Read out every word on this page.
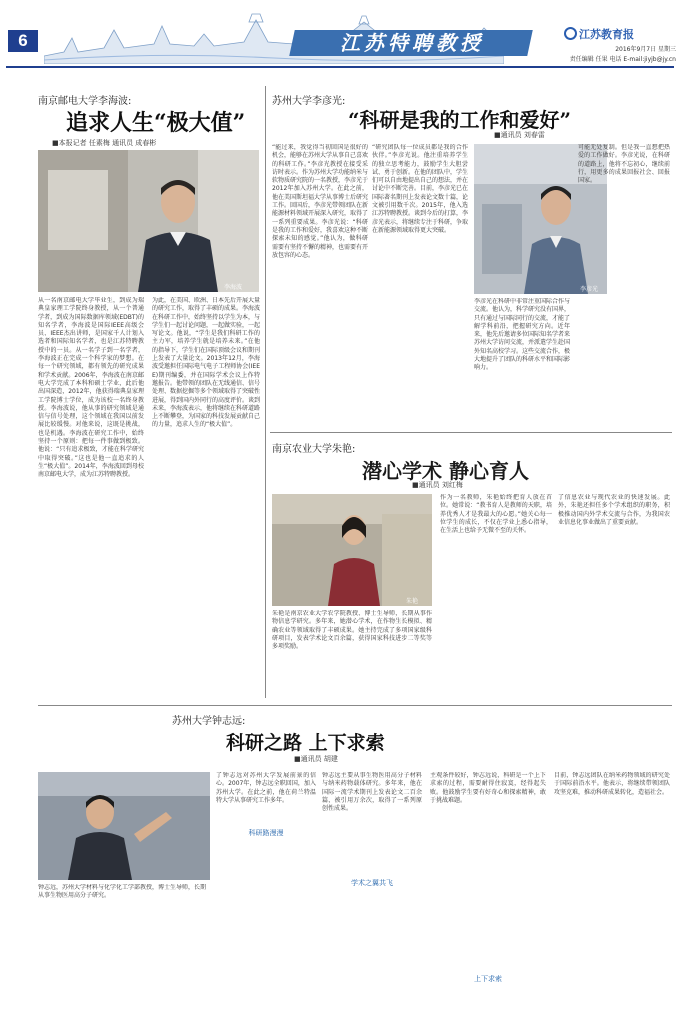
6	江苏特聘教授	江苏教育报
2016年9月7日 星期三
责任编辑 任果 电话 E-mail:jiyjb@jy.cn
南京邮电大学李海波:
追求人生“极大值”
■本报记者 任素梅 通讯员 成春彬
李海波
从一名南京邮电大学毕业生，到成为瑞典皇家理工学院终身教授，从一个普通学者，到成为国际数据库领域(EDBT)的知名学者，李海波是国际IEEE高级会员、IEEE杰出讲师，是国家千人计划入选者和国际知名学者，也是江苏特聘教授中的一员。从一名学子到一名学者，李海波正在完成一个科学家的梦想。在每一个研究领域，都有领先的研究成果和学术贡献。2006年，李海波在南京邮电大学完成了本科和硕士学业，此后他出国深造，2012年，他获得瑞典皇家理工学院博士学位，成为该校一名终身教授。李海波说，他从事的研究领域是通信与信号处理，这个领域在我国以前发展比较缓慢。对他来说，这既是挑战，也是机遇。李海波在研究工作中，始终坚持一个原则：把每一件事做到极致。他说：“只有追求极致，才能在科学研究中取得突破。”这也是他一直追求的人生“极大值”。2014年，李海波回到母校南京邮电大学，成为江苏特聘教授。
为此，在美国、欧洲、日本先后开展大量的研究工作，取得了丰硕的成果。李海波在科研工作中，始终坚持以学生为本，与学生们一起讨论问题，一起做实验，一起写论文。他说，“学生是我们科研工作的主力军，培养学生就是培养未来。”在他的指导下，学生们在国际顶级会议和期刊上发表了大量论文。2013年12月，李海波受邀担任国际电气电子工程师协会(IEEE)期刊编委，并在国际学术会议上作特邀报告。他带领的团队在无线通信、信号处理、数据挖掘等多个领域取得了突破性进展，得到国内外同行的高度评价。谈到未来，李海波表示，他将继续在科研道路上不断攀登，为国家的科技发展贡献自己的力量，追求人生的“极大值”。
苏州大学李彦光:
“科研是我的工作和爱好”
■通讯员 刘春雷
“能过来，我觉得当初回国是很好的机会，能够在苏州大学从事自己喜欢的科研工作。”李彦光教授在接受采访时表示。作为苏州大学功能纳米与软物质研究院的一名教授，李彦光于2012年加入苏州大学。在此之前，他在美国斯坦福大学从事博士后研究工作。回国后，李彦光带领团队在新能源材料领域开展深入研究，取得了一系列重要成果。李彦光说：“科研是我的工作和爱好，我喜欢这种不断探索未知的感觉。”他认为，做科研需要有坚持不懈的精神，也需要有开放包容的心态。
“研究团队每一位成员都是我的合作伙伴。”李彦光说。他注重培养学生的独立思考能力，鼓励学生大胆尝试、勇于创新。在他的团队中，学生们可以自由地提出自己的想法，并在讨论中不断完善。目前，李彦光已在国际著名期刊上发表论文数十篇，论文被引用数千次。2015年，他入选江苏特聘教授。谈到今后的打算，李彦光表示，将继续专注于科研，争取在新能源领域取得更大突破。
李彦光
李彦光在科研中非常注重国际合作与交流。他认为，科学研究没有国界，只有通过与国际同行的交流，才能了解学科前沿，把握研究方向。近年来，他先后邀请多位国际知名学者来苏州大学访问交流，并派遣学生赴国外知名高校学习。这些交流合作，极大地提升了团队的科研水平和国际影响力。
可能无处复制。但是我一直想把热爱的工作做好。李彦光说，在科研的道路上，他将不忘初心，继续前行，用更多的成果回报社会、回报国家。
南京农业大学朱艳:
潜心学术 静心育人
■通讯员 刘红梅
朱艳
朱艳是南京农业大学农学院教授、博士生导师，长期从事作物信息学研究。多年来，她潜心学术，在作物生长模拟、精确农业等领域取得了丰硕成果。她主持完成了多项国家级科研项目，发表学术论文百余篇，获得国家科技进步二等奖等多项奖励。
作为一名教师，朱艳始终把育人放在首位。她常说：“教书育人是教师的天职，培养优秀人才是我最大的心愿。”她关心每一位学生的成长，不仅在学业上悉心指导，在生活上也给予无微不至的关怀。
了信息农业与现代农业的快速发展。此外，朱艳还担任多个学术组织的职务，积极推动国内外学术交流与合作，为我国农业信息化事业做出了重要贡献。
苏州大学钟志远:
科研之路 上下求索
■通讯员 胡建
钟志远，苏州大学材料与化学化工学部教授，博士生导师，长期从事生物医用高分子研究。
了钟志远对苏州大学发展前景的信心。2007年，钟志远全职回国，加入苏州大学。在此之前，他在荷兰特温特大学从事研究工作多年。
科研路漫漫
钟志远主要从事生物医用高分子材料与纳米药物载体研究。多年来，他在国际一流学术期刊上发表论文二百余篇，被引用万余次，取得了一系列原创性成果。
学术之翼共飞
主观条件较好，钟志远说，科研是一个上下求索的过程，需要耐得住寂寞，经得起失败。他鼓励学生要有好奇心和探索精神，敢于挑战难题。
上下求索
目前，钟志远团队在纳米药物领域的研究处于国际前沿水平。他表示，将继续带领团队攻坚克难，推动科研成果转化，造福社会。
